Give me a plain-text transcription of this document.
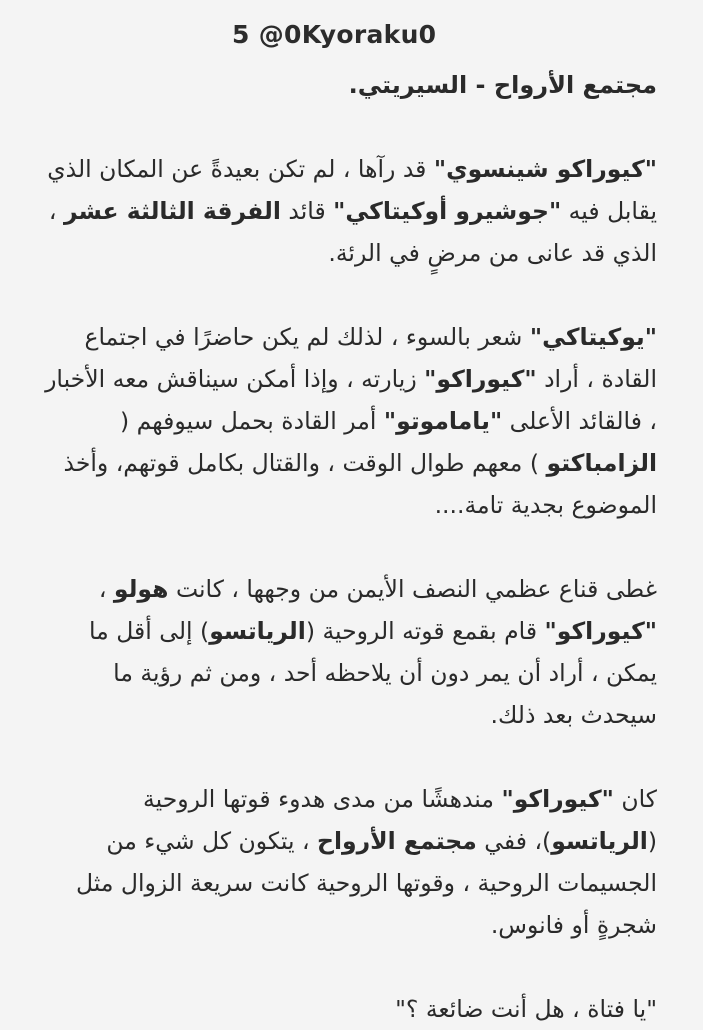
5 @0Kyoraku0

مجتمع الأرواح - السيريتي.

"كيوراكو شينسوي" قد رآها ، لم تكن بعيدةً عن المكان الذي يقابل فيه "جوشيرو أوكيتاكي" قائد الفرقة الثالثة عشر ، الذي قد عانى من مرضٍ في الرئة.

"يوكيتاكي" شعر بالسوء ، لذلك لم يكن حاضرًا في اجتماع القادة ، أراد "كيوراكو" زيارته ، وإذا أمكن سيناقش معه الأخبار ، فالقائد الأعلى "ياماموتو" أمر القادة بحمل سيوفهم ( الزامباكتو ) معهم طوال الوقت ، والقتال بكامل قوتهم، وأخذ الموضوع بجدية تامة....

غطى قناع عظمي النصف الأيمن من وجهها ، كانت هولو ، "كيوراكو" قام بقمع قوته الروحية (الرياتسو) إلى أقل ما يمكن ، أراد أن يمر دون أن يلاحظه أحد ، ومن ثم رؤية ما سيحدث بعد ذلك.

كان "كيوراكو" مندهشًا من مدى هدوء قوتها الروحية (الرياتسو)، ففي مجتمع الأرواح ، يتكون كل شيء من الجسيمات الروحية ، وقوتها الروحية كانت سريعة الزوال مثل شجرةٍ أو فانوس.

"يا فتاة ، هل أنت ضائعة ؟"
